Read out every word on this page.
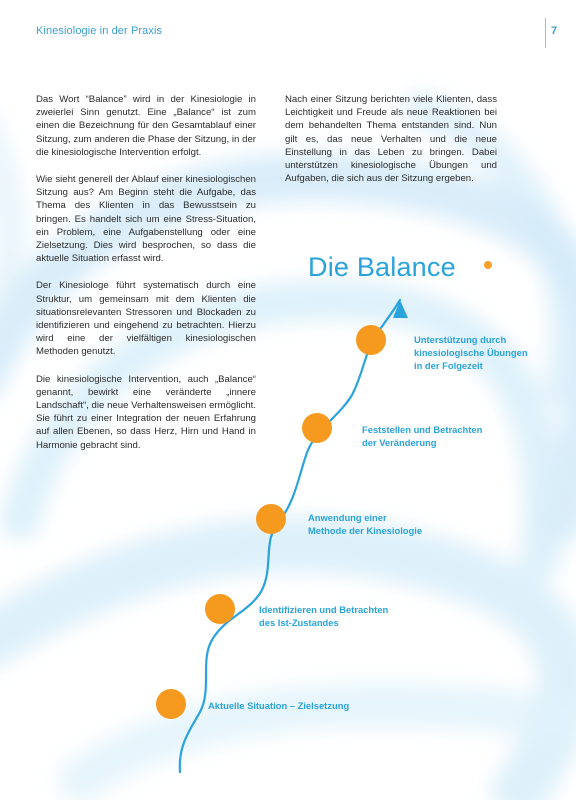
Kinesiologie in der Praxis	7

Das Wort “Balance” wird in der Kinesiologie in zweierlei Sinn genutzt. Eine „Balance“ ist zum einen die Bezeichnung für den Gesamtablauf einer Sitzung, zum anderen die Phase der Sitzung, in der die kinesiologische Intervention erfolgt.

Wie sieht generell der Ablauf einer kinesiologischen Sitzung aus? Am Beginn steht die Aufgabe, das Thema des Klienten in das Bewusstsein zu bringen. Es handelt sich um eine Stress-Situation, ein Problem, eine Aufgabenstellung oder eine Zielsetzung. Dies wird besprochen, so dass die aktuelle Situation erfasst wird.

Der Kinesiologe führt systematisch durch eine Struktur, um gemeinsam mit dem Klienten die situationsrelevanten Stressoren und Blockaden zu identifizieren und eingehend zu betrachten. Hierzu wird eine der vielfältigen kinesiologischen Methoden genutzt.

Die kinesiologische Intervention, auch „Balance“ genannt, bewirkt eine veränderte „innere Landschaft“, die neue Verhaltensweisen ermöglicht. Sie führt zu einer Integration der neuen Erfahrung auf allen Ebenen, so dass Herz, Hirn und Hand in Harmonie gebracht sind.

Nach einer Sitzung berichten viele Klienten, dass Leichtigkeit und Freude als neue Reaktionen bei dem behandelten Thema entstanden sind. Nun gilt es, das neue Verhalten und die neue Einstellung in das Leben zu bringen. Dabei unterstützen kinesiologische Übungen und Aufgaben, die sich aus der Sitzung ergeben.

Die Balance
Aktuelle Situation – Zielsetzung
Identifizieren und Betrachten
des Ist-Zustandes
Anwendung einer
Methode der Kinesiologie
Feststellen und Betrachten
der Veränderung
Unterstützung durch
kinesiologische Übungen
in der Folgezeit
